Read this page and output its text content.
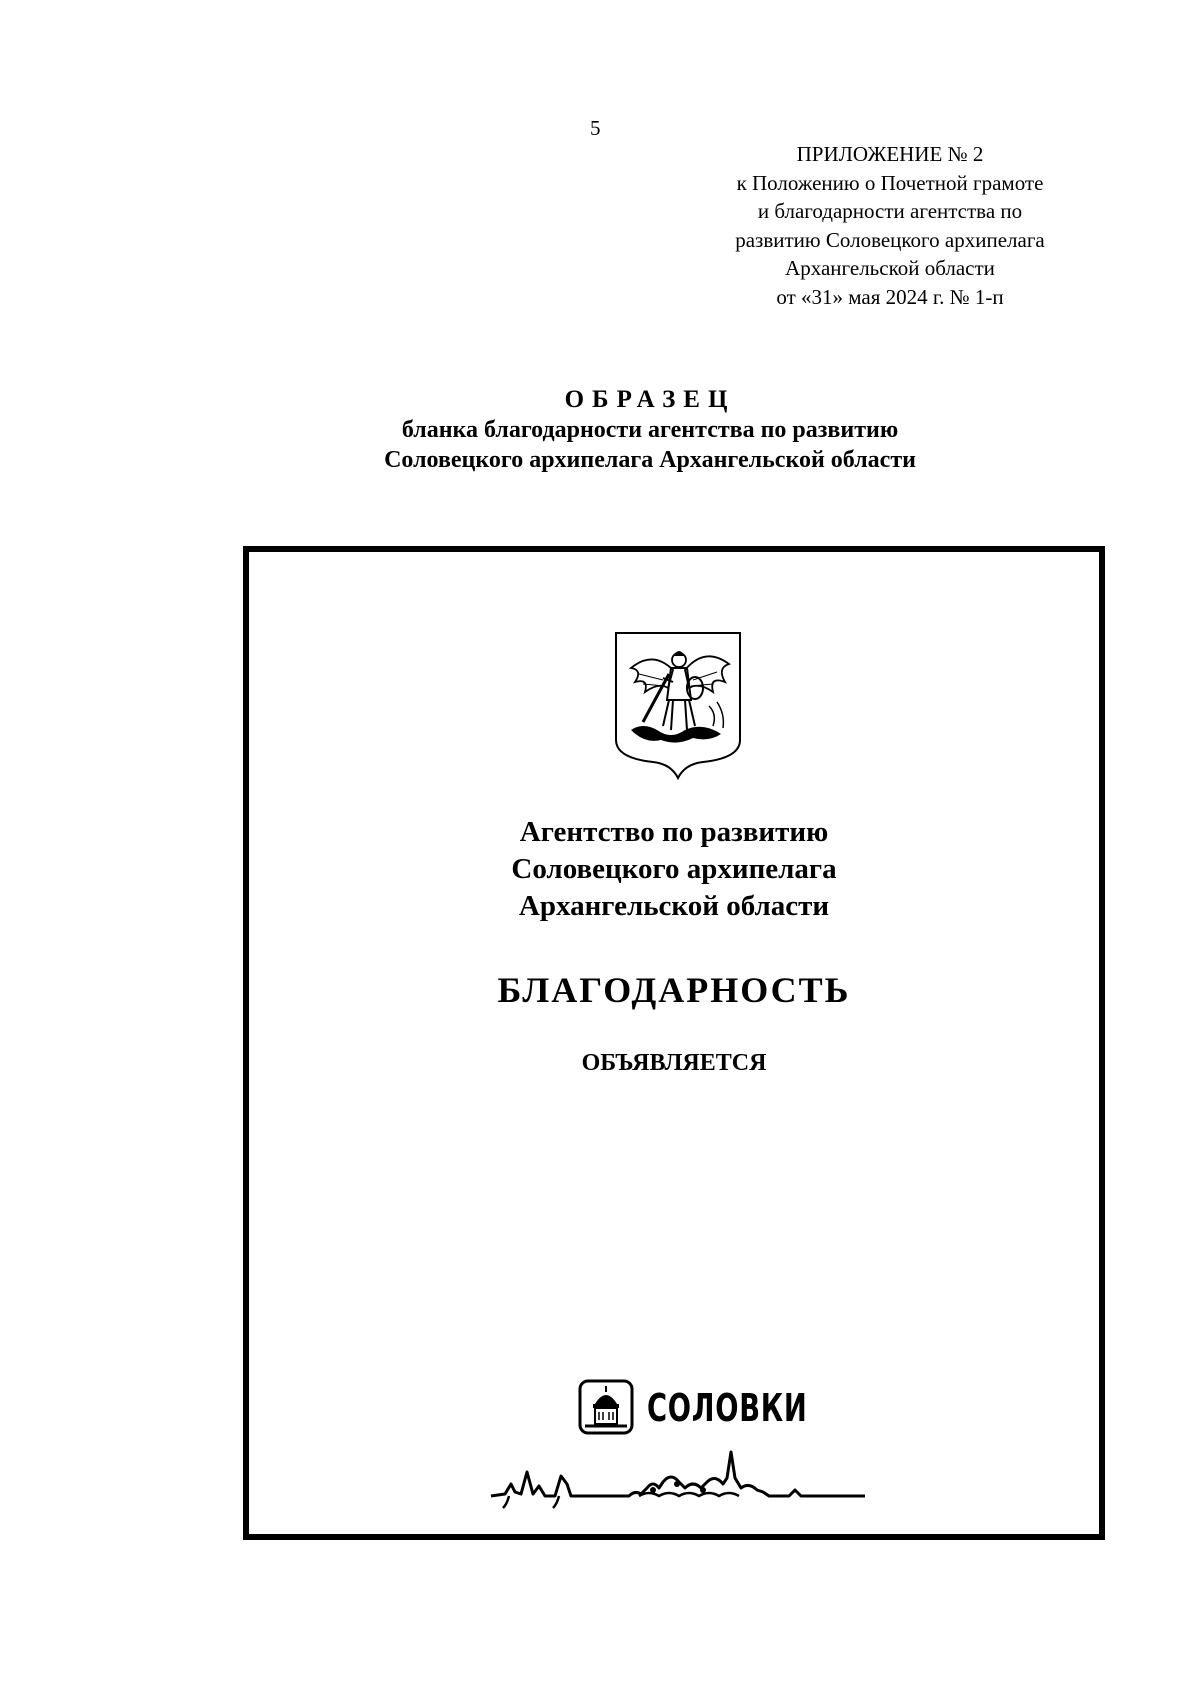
5
ПРИЛОЖЕНИЕ № 2
к Положению о Почетной грамоте
и благодарности агентства по
развитию Соловецкого архипелага
Архангельской области
от «31» мая 2024 г. № 1-п
ОБРАЗЕЦ
бланка благодарности агентства по развитию
Соловецкого архипелага Архангельской области
Агентство по развитию
Соловецкого архипелага
Архангельской области
БЛАГОДАРНОСТЬ
ОБЪЯВЛЯЕТСЯ
СОЛОВКИ
